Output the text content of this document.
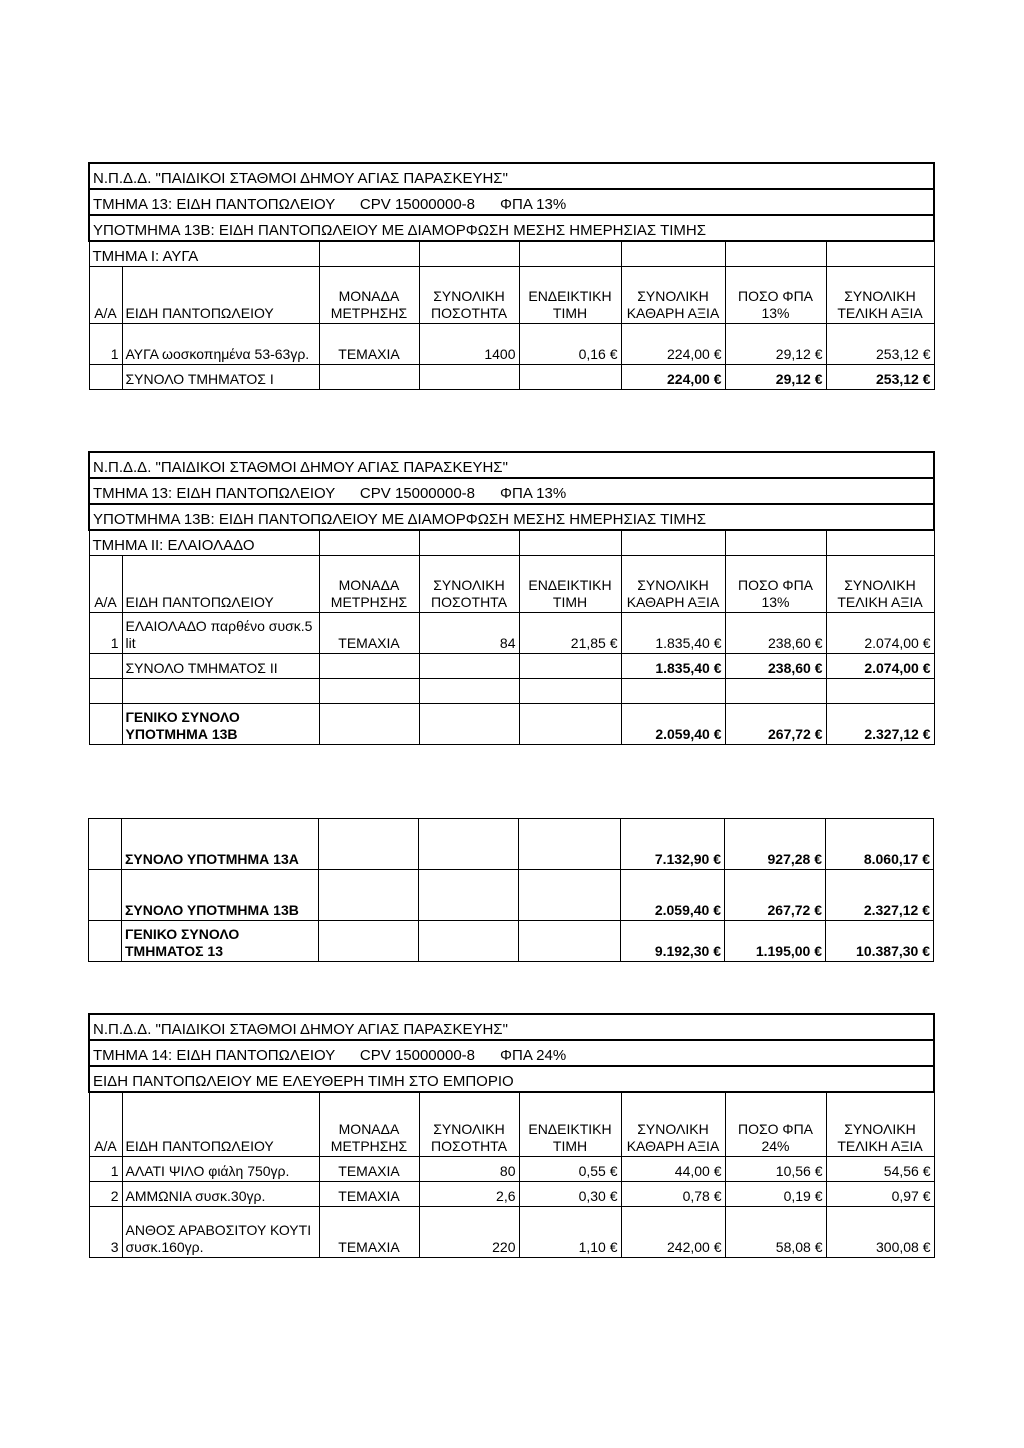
Ν.Π.Δ.Δ. "ΠΑΙΔΙΚΟΙ ΣΤΑΘΜΟΙ ΔΗΜΟΥ ΑΓΙΑΣ ΠΑΡΑΣΚΕΥΗΣ"							
ΤΜΗΜΑ 13: ΕΙΔΗ ΠΑΝΤΟΠΩΛΕΙΟΥ      CPV 15000000-8      ΦΠΑ 13%							
ΥΠΟΤΜΗΜΑ 13Β: ΕΙΔΗ ΠΑΝΤΟΠΩΛΕΙΟΥ ΜΕ ΔΙΑΜΟΡΦΩΣΗ ΜΕΣΗΣ ΗΜΕΡΗΣΙΑΣ ΤΙΜΗΣ							
ΤΜΗΜΑ Ι: ΑΥΓΑ							
Α/Α	ΕΙΔΗ ΠΑΝΤΟΠΩΛΕΙΟΥ	ΜΟΝΑΔΑ ΜΕΤΡΗΣΗΣ	ΣΥΝΟΛΙΚΗ ΠΟΣΟΤΗΤΑ	ΕΝΔΕΙΚΤΙΚΗ ΤΙΜΗ	ΣΥΝΟΛΙΚΗ ΚΑΘΑΡΗ ΑΞΙΑ	ΠΟΣΟ ΦΠΑ 13%	ΣΥΝΟΛΙΚΗ ΤΕΛΙΚΗ ΑΞΙΑ
1	ΑΥΓΑ ωοσκοπημένα 53-63γρ.	ΤΕΜΑΧΙΑ	1400	0,16 €	224,00 €	29,12 €	253,12 €
	ΣΥΝΟΛΟ ΤΜΗΜΑΤΟΣ Ι				224,00 €	29,12 €	253,12 €
Ν.Π.Δ.Δ. "ΠΑΙΔΙΚΟΙ ΣΤΑΘΜΟΙ ΔΗΜΟΥ ΑΓΙΑΣ ΠΑΡΑΣΚΕΥΗΣ"							
ΤΜΗΜΑ 13: ΕΙΔΗ ΠΑΝΤΟΠΩΛΕΙΟΥ      CPV 15000000-8      ΦΠΑ 13%							
ΥΠΟΤΜΗΜΑ 13Β: ΕΙΔΗ ΠΑΝΤΟΠΩΛΕΙΟΥ ΜΕ ΔΙΑΜΟΡΦΩΣΗ ΜΕΣΗΣ ΗΜΕΡΗΣΙΑΣ ΤΙΜΗΣ							
ΤΜΗΜΑ ΙΙ: ΕΛΑΙΟΛΑΔΟ							
Α/Α	ΕΙΔΗ ΠΑΝΤΟΠΩΛΕΙΟΥ	ΜΟΝΑΔΑ ΜΕΤΡΗΣΗΣ	ΣΥΝΟΛΙΚΗ ΠΟΣΟΤΗΤΑ	ΕΝΔΕΙΚΤΙΚΗ ΤΙΜΗ	ΣΥΝΟΛΙΚΗ ΚΑΘΑΡΗ ΑΞΙΑ	ΠΟΣΟ ΦΠΑ 13%	ΣΥΝΟΛΙΚΗ ΤΕΛΙΚΗ ΑΞΙΑ
1	ΕΛΑΙΟΛΑΔΟ παρθένο συσκ.5 lit	ΤΕΜΑΧΙΑ	84	21,85 €	1.835,40 €	238,60 €	2.074,00 €
	ΣΥΝΟΛΟ ΤΜΗΜΑΤΟΣ ΙΙ				1.835,40 €	238,60 €	2.074,00 €

	ΓΕΝΙΚΟ ΣΥΝΟΛΟ ΥΠΟΤΜΗΜΑ 13Β				2.059,40 €	267,72 €	2.327,12 €
	ΣΥΝΟΛΟ ΥΠΟΤΜΗΜΑ 13Α				7.132,90 €	927,28 €	8.060,17 €
	ΣΥΝΟΛΟ ΥΠΟΤΜΗΜΑ 13Β				2.059,40 €	267,72 €	2.327,12 €
	ΓΕΝΙΚΟ ΣΥΝΟΛΟ ΤΜΗΜΑΤΟΣ 13				9.192,30 €	1.195,00 €	10.387,30 €
Ν.Π.Δ.Δ. "ΠΑΙΔΙΚΟΙ ΣΤΑΘΜΟΙ ΔΗΜΟΥ ΑΓΙΑΣ ΠΑΡΑΣΚΕΥΗΣ"							
ΤΜΗΜΑ 14: ΕΙΔΗ ΠΑΝΤΟΠΩΛΕΙΟΥ      CPV 15000000-8      ΦΠΑ 24%							
ΕΙΔΗ ΠΑΝΤΟΠΩΛΕΙΟΥ ΜΕ ΕΛΕΥΘΕΡΗ ΤΙΜΗ ΣΤΟ ΕΜΠΟΡΙΟ							
Α/Α	ΕΙΔΗ ΠΑΝΤΟΠΩΛΕΙΟΥ	ΜΟΝΑΔΑ ΜΕΤΡΗΣΗΣ	ΣΥΝΟΛΙΚΗ ΠΟΣΟΤΗΤΑ	ΕΝΔΕΙΚΤΙΚΗ ΤΙΜΗ	ΣΥΝΟΛΙΚΗ ΚΑΘΑΡΗ ΑΞΙΑ	ΠΟΣΟ ΦΠΑ 24%	ΣΥΝΟΛΙΚΗ ΤΕΛΙΚΗ ΑΞΙΑ
1	ΑΛΑΤΙ ΨΙΛΟ φιάλη 750γρ.	ΤΕΜΑΧΙΑ	80	0,55 €	44,00 €	10,56 €	54,56 €
2	ΑΜΜΩΝΙΑ συσκ.30γρ.	ΤΕΜΑΧΙΑ	2,6	0,30 €	0,78 €	0,19 €	0,97 €
3	ΑΝΘΟΣ ΑΡΑΒΟΣΙΤΟΥ ΚΟΥΤΙ συσκ.160γρ.	ΤΕΜΑΧΙΑ	220	1,10 €	242,00 €	58,08 €	300,08 €
